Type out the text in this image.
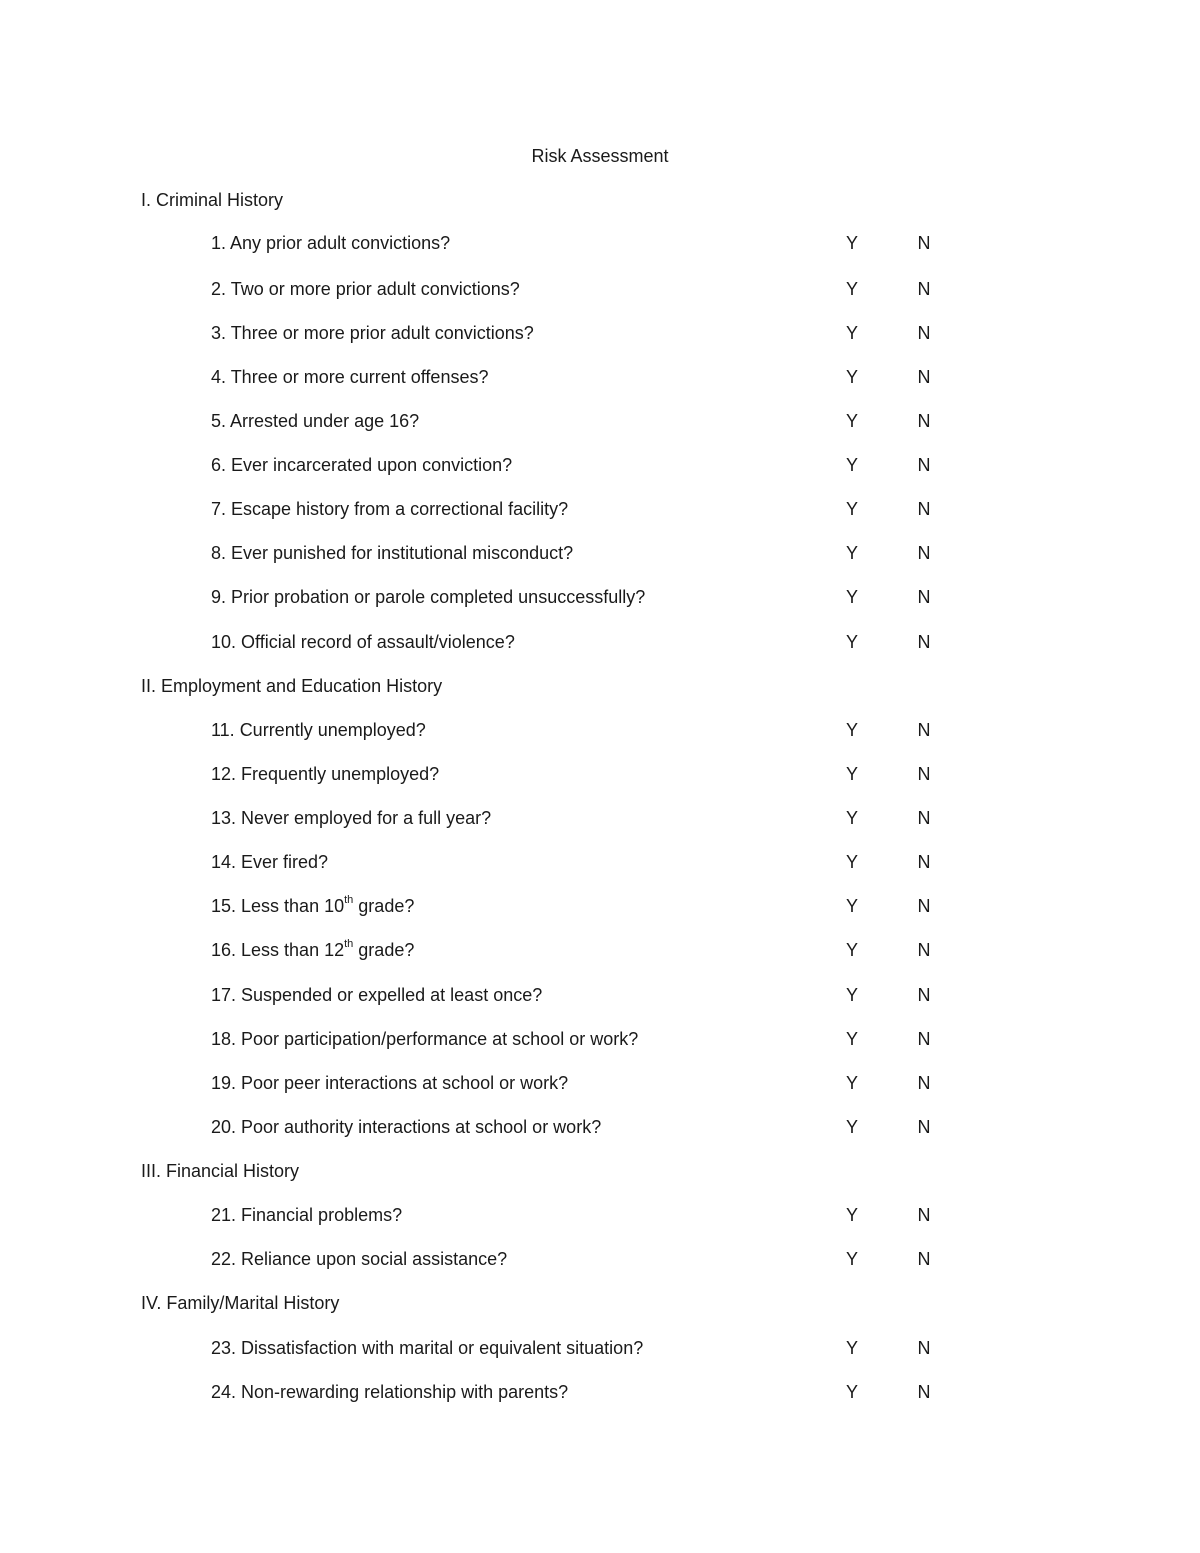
Risk Assessment
I. Criminal History
1. Any prior adult convictions?	Y	N
2. Two or more prior adult convictions?	Y	N
3. Three or more prior adult convictions?	Y	N
4. Three or more current offenses?	Y	N
5. Arrested under age 16?	Y	N
6. Ever incarcerated upon conviction?	Y	N
7. Escape history from a correctional facility?	Y	N
8. Ever punished for institutional misconduct?	Y	N
9. Prior probation or parole completed unsuccessfully?	Y	N
10. Official record of assault/violence?	Y	N
II. Employment and Education History
11. Currently unemployed?	Y	N
12. Frequently unemployed?	Y	N
13. Never employed for a full year?	Y	N
14. Ever fired?	Y	N
15. Less than 10th grade?	Y	N
16. Less than 12th grade?	Y	N
17. Suspended or expelled at least once?	Y	N
18. Poor participation/performance at school or work?	Y	N
19. Poor peer interactions at school or work?	Y	N
20. Poor authority interactions at school or work?	Y	N
III. Financial History
21. Financial problems?	Y	N
22. Reliance upon social assistance?	Y	N
IV. Family/Marital History
23. Dissatisfaction with marital or equivalent situation?	Y	N
24. Non-rewarding relationship with parents?	Y	N
